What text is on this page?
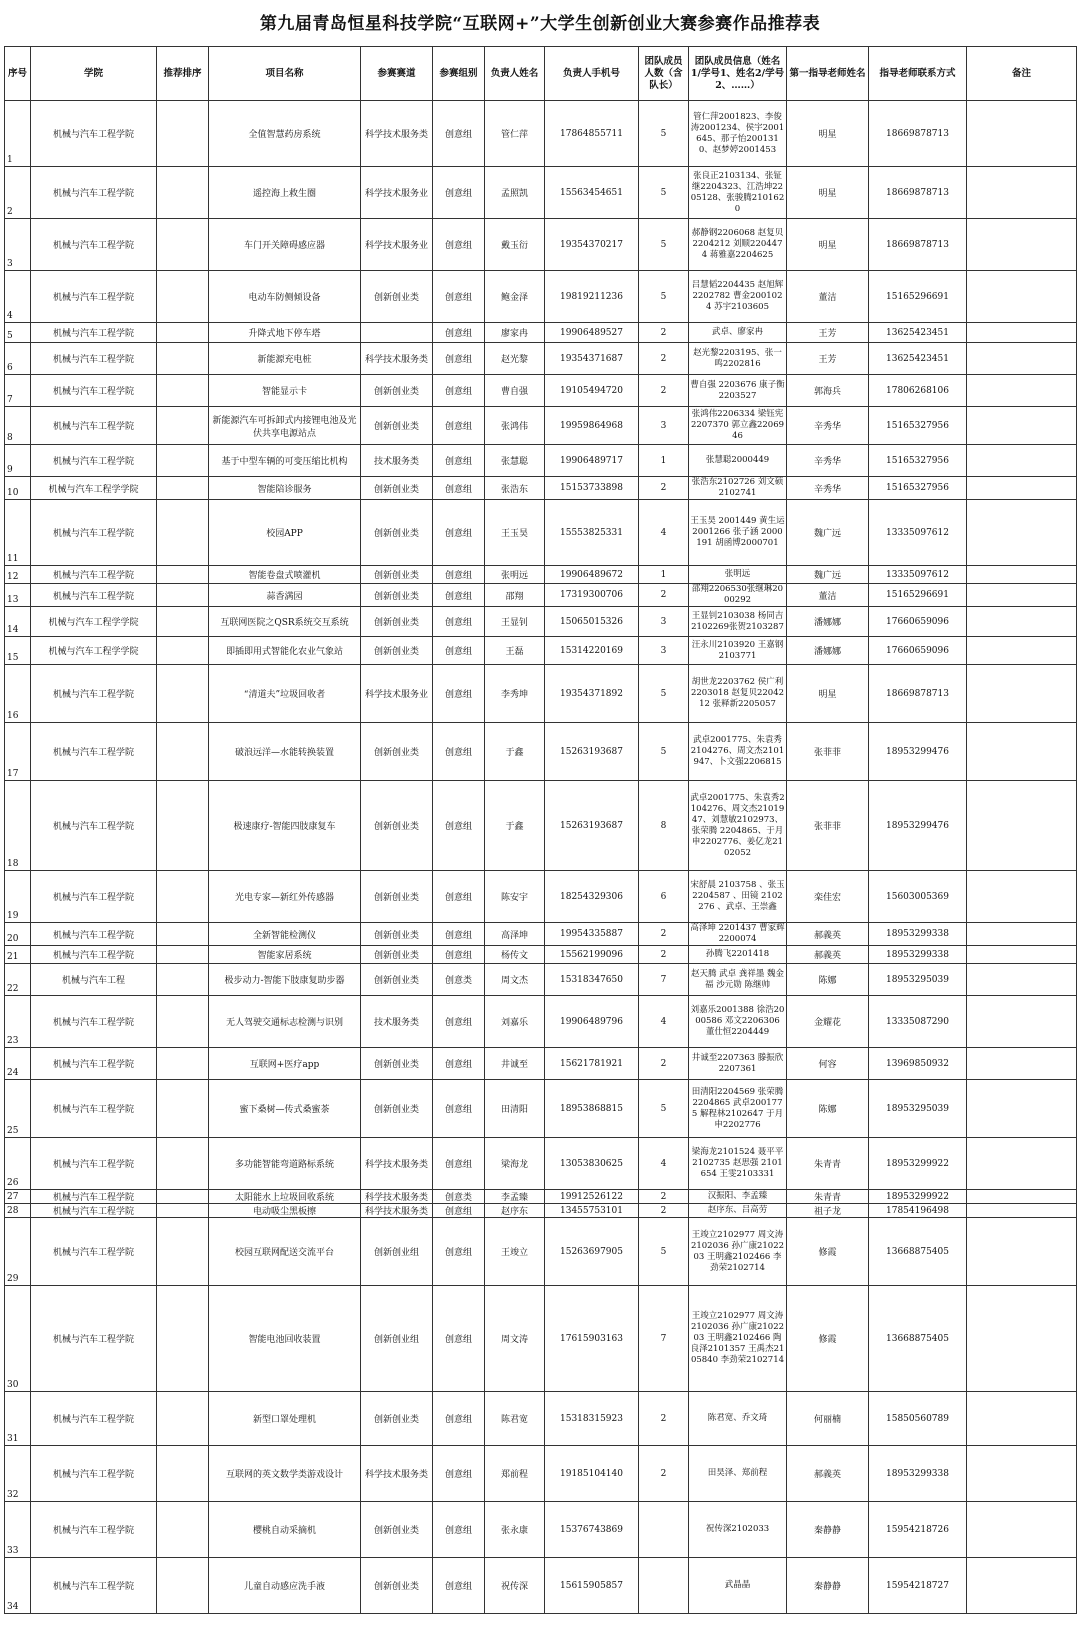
第九届青岛恒星科技学院“互联网+”大学生创新创业大赛参赛作品推荐表
序号	学院	推荐排序	项目名称	参赛赛道	参赛组别	负责人姓名	负责人手机号	团队成员人数（含队长）	团队成员信息（姓名1/学号1、姓名2/学号2、……）	第一指导老师姓名	指导老师联系方式	备注
1	机械与汽车工程学院		全值智慧药房系统	科学技术服务类	创意组	管仁萍	17864855711	5	管仁萍2001823、李俊涛2001234、侯宇2001645、那子怡2001310、赵梦婷2001453	明星	18669878713	
2	机械与汽车工程学院		遥控海上救生圈	科学技术服务业	创意组	孟照凯	15563454651	5	张良正2103134、张钲继2204323、江浩坤2205128、张骏腾2101620	明星	18669878713	
3	机械与汽车工程学院		车门开关障碍感应器	科学技术服务业	创意组	戴玉衍	19354370217	5	郝静钢2206068 赵复贝2204212 刘顺2204474 蒋雅嘉2204625	明星	18669878713	
4	机械与汽车工程学院		电动车防侧倾设备	创新创业类	创意组	鲍金泽	19819211236	5	吕慧韬2204435 赵旭辉2202782 曹金2001024 苏宇2103605	董洁	15165296691	
5	机械与汽车工程学院		升降式地下停车塔		创意组	廖家冉	19906489527	2	武卓、廖家冉	王芳	13625423451	
6	机械与汽车工程学院		新能源充电桩	科学技术服务类	创意组	赵光黎	19354371687	2	赵光黎2203195、张一鸣2202816	王芳	13625423451	
7	机械与汽车工程学院		智能显示卡	创新创业类	创意组	曹自强	19105494720	2	曹自强 2203676 康子衡 2203527	郭海兵	17806268106	
8	机械与汽车工程学院		新能源汽车可拆卸式内接锂电池及光伏共享电源站点	创新创业类	创意组	张鸿伟	19959864968	3	张鸿伟2206334 梁钰宪2207370 郭立鑫2206946	辛秀华	15165327956	
9	机械与汽车工程学院		基于中型车辆的可变压缩比机构	技术服务类	创意组	张慧聪	19906489717	1	张慧聪2000449	辛秀华	15165327956	
10	机械与汽车工程学学院		智能陪诊服务	创新创业类	创意组	张浩东	15153733898	2	张浩东2102726 刘文硕2102741	辛秀华	15165327956	
11	机械与汽车工程学院		校园APP	创新创业类	创意组	王玉昊	15553825331	4	王玉昊 2001449 黄生运 2001266 张子涵 2000191 胡函博2000701	魏广远	13335097612	
12	机械与汽车工程学院		智能卷盘式喷灌机	创新创业类	创意组	张明远	19906489672	1	张明远	魏广远	13335097612	
13	机械与汽车工程学院		蒜香满园	创新创业类	创意组	邵翔	17319300706	2	邵翔2206530张继琳2000292	董洁	15165296691	
14	机械与汽车工程学学院		互联网医院之QSR系统交互系统	创新创业类	创意组	王显钊	15065015326	3	王显钊2103038 杨同吉2102269张贺2103287	潘娜娜	17660659096	
15	机械与汽车工程学学院		即插即用式智能化农业气象站	创新创业类	创意组	王磊	15314220169	3	汪永川2103920 王嘉钢2103771	潘娜娜	17660659096	
16	机械与汽车工程学院		“清道夫”垃圾回收者	科学技术服务业	创意组	李秀坤	19354371892	5	胡世龙2203762 侯广利2203018 赵复贝2204212 张释新2205057	明星	18669878713	
17	机械与汽车工程学院		破浪远洋—水能转换装置	创新创业类	创意组	于鑫	15263193687	5	武卓2001775、朱袁秀 2104276、周文杰2101947、卜文强2206815	张菲菲	18953299476	
18	机械与汽车工程学院		极速康疗-智能四肢康复车	创新创业类	创意组	于鑫	15263193687	8	武卓2001775、朱袁秀2104276、周文杰2101947、刘慧敏2102973、张荣腾 2204865、于月申2202776、姜亿龙2102052	张菲菲	18953299476	
19	机械与汽车工程学院		光电专家—新红外传感器	创新创业类	创意组	陈安宇	18254329306	6	宋舒晨 2103758 、张玉 2204587 、田镜 2102276 、武卓、王崇鑫	栾佳宏	15603005369	
20	机械与汽车工程学院		全新智能检测仪	创新创业类	创意组	高泽坤	19954335887	2	高泽坤 2201437 曹家辉 2200074	郝義英	18953299338	
21	机械与汽车工程学院		智能家居系统	创新创业类	创意组	杨传文	15562199096	2	孙腾飞2201418	郝義英	18953299338	
22	机械与汽车工程		极步动力-智能下肢康复助步器	创新创业类	创意类	周文杰	15318347650	7	赵天腾 武卓 龚祥墨 魏金福 沙元勋 陈继帅	陈娜	18953295039	
23	机械与汽车工程学院		无人驾驶交通标志检测与识别	技术服务类	创意组	刘嘉乐	19906489796	4	刘嘉乐2001388 徐浩2000586 邓文2206306 董仕恒2204449	金耀花	13335087290	
24	机械与汽车工程学院		互联网+医疗app	创新创业类	创意组	井诚至	15621781921	2	井诚至2207363 滕振欣2207361	何容	13969850932	
25	机械与汽车工程学院		蜜下桑树—传式桑蜜茶	创新创业类	创意组	田清阳	18953868815	5	田清阳2204569 张荣腾2204865 武卓2001775 解程林2102647 于月申2202776	陈娜	18953295039	
26	机械与汽车工程学院		多功能智能弯道路标系统	科学技术服务类	创意组	梁海龙	13053830625	4	梁海龙2101524 聂平平 2102735 赵思强 2101654 王雯2103331	朱青青	18953299922	
27	机械与汽车工程学院		太阳能水上垃圾回收系统	科学技术服务类	创意类	李孟臻	19912526122	2	汉振阳、李孟臻	朱青青	18953299922	
28	机械与汽车工程学院		电动吸尘黑板擦	科学技术服务类	创意组	赵序东	13455753101	2	赵序东、吕高劳	祖子龙	17854196498	
29	机械与汽车工程学院		校园互联网配送交流平台	创新创业组	创意组	王竣立	15263697905	5	王竣立2102977 周文涛2102036 孙广康2102203 王明鑫2102466 李劲荣2102714	修霞	13668875405	
30	机械与汽车工程学院		智能电池回收装置	创新创业组	创意组	周文涛	17615903163	7	王竣立2102977 周文涛2102036 孙广康2102203 王明鑫2102466 陶良泽2101357 王禹杰2105840 李劲荣2102714	修霞	13668875405	
31	机械与汽车工程学院		新型口罩处理机	创新创业类	创意组	陈君宽	15318315923	2	陈君宽、乔文琦	何丽楠	15850560789	
32	机械与汽车工程学院		互联网的英文数学类游戏设计	科学技术服务类	创意组	郑前程	19185104140	2	田昊泽、郑前程	郝義英	18953299338	
33	机械与汽车工程学院		樱桃自动采摘机	创新创业类	创意组	张永康	15376743869		祝传深2102033	秦静静	15954218726	
34	机械与汽车工程学院		儿童自动感应洗手液	创新创业类	创意组	祝传深	15615905857		武晶晶	秦静静	15954218727	
